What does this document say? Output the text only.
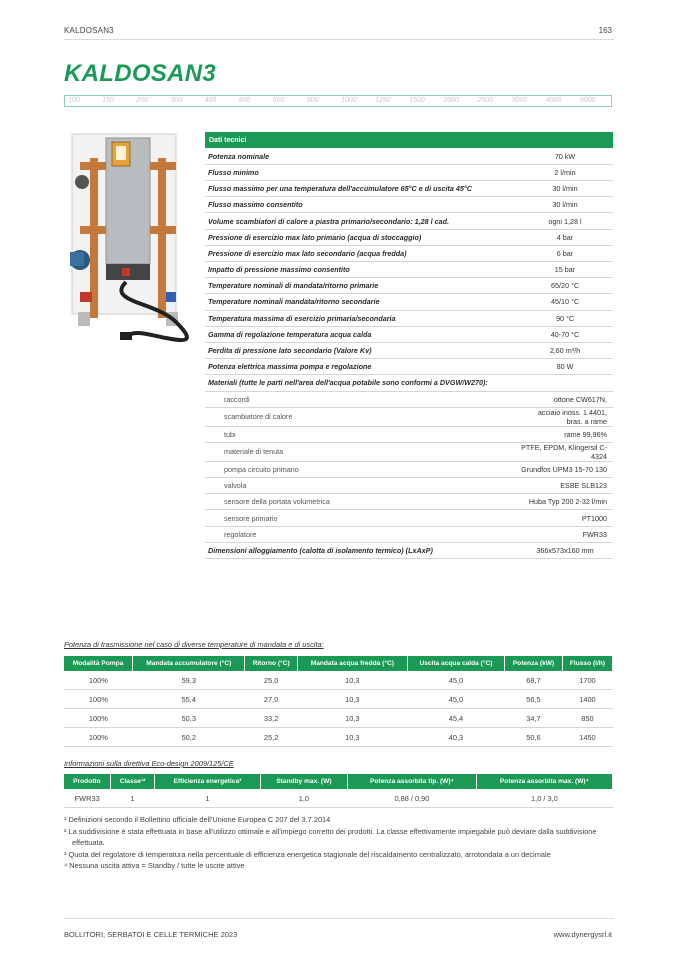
KALDOSAN3	163
KALDOSAN3
100	150	200	300	400	500	600	800	1000	1250	1500	2000	2500	3000	4000	5000
Dati tecnici	
Potenza nominale	70 kW
Flusso minimo	2 l/min
Flusso massimo per una temperatura dell'accumulatore 65°C e di uscita 45°C	30 l/min
Flusso massimo consentito	30 l/min
Volume scambiatori di calore a piastra primario/secondario: 1,28 l cad.	ogni 1,28 l
Pressione di esercizio max lato primario (acqua di stoccaggio)	4 bar
Pressione di esercizio max lato secondario (acqua fredda)	6 bar
Impatto di pressione massimo consentito	15 bar
Temperature nominali di mandata/ritorno primarie	65/20 °C
Temperature nominali mandata/ritorno secondarie	45/10 °C
Temperatura massima di esercizio primaria/secondaria	90 °C
Gamma di regolazione temperatura acqua calda	40-70 °C
Perdita di pressione lato secondario (Valore Kv)	2,60 m³/h
Potenza elettrica massima pompa e regolazione	80 W
Materiali (tutte le parti nell'area dell'acqua potabile sono conformi a DVGW/W270):	
raccordi	ottone CW617N,
scambiatore di calore	acciaio inoss. 1.4401, bras. a rame
tubi	rame 99,96%
materiale di tenuta	PTFE, EPDM, Klingersil C-4324
pompa circuito primario	Grundfos UPM3 15-70 130
valvola	ESBE SLB123
sensore della portata volumetrica	Huba Typ 200 2-32 l/min
sensore primario	PT1000
regolatore	FWR33
Dimensioni alloggiamento (calotta di isolamento termico) (LxAxP)	366x573x160 mm
Potenza di trasmissione nel caso di diverse temperature di mandata e di uscita:
Modalità Pompa	Mandata accumulatore (°C)	Ritorno (°C)	Mandata acqua fredda (°C)	Uscita acqua calda (°C)	Potenza (kW)	Flusso (l/h)
100%	59,3	25,0	10,3	45,0	68,7	1700
100%	55,4	27,0	10,3	45,0	56,5	1400
100%	50,3	33,2	10,3	45,4	34,7	850
100%	50,2	25,2	10,3	40,3	50,6	1450
Informazioni sulla direttiva Eco-design 2009/125/CE
Prodotto	Classe¹²	Efficienza energetica³	Standby max. (W)	Potenza assorbita tip. (W)⁴	Potenza assorbita max. (W)⁴
FWR33	1	1	1,0	0,88 / 0,90	1,0 / 3,0

¹ Definizioni secondo il Bollettino ufficiale dell'Unione Europea C 207 del 3.7.2014

² La suddivisione è stata effettuata in base all'utilizzo ottimale e all'impiego corretto dei prodotti. La classe effettivamente impiegabile può deviare dalla suddivisione effettuata.

³ Quota del regolatore di temperatura nella percentuale di efficienza energetica stagionale del riscaldamento centralizzato, arrotondata a un decimale

⁴ Nessuna uscita attiva = Standby / tutte le uscite attive

BOLLITORI, SERBATOI E CELLE TERMICHE 2023	www.dynergysrl.it
